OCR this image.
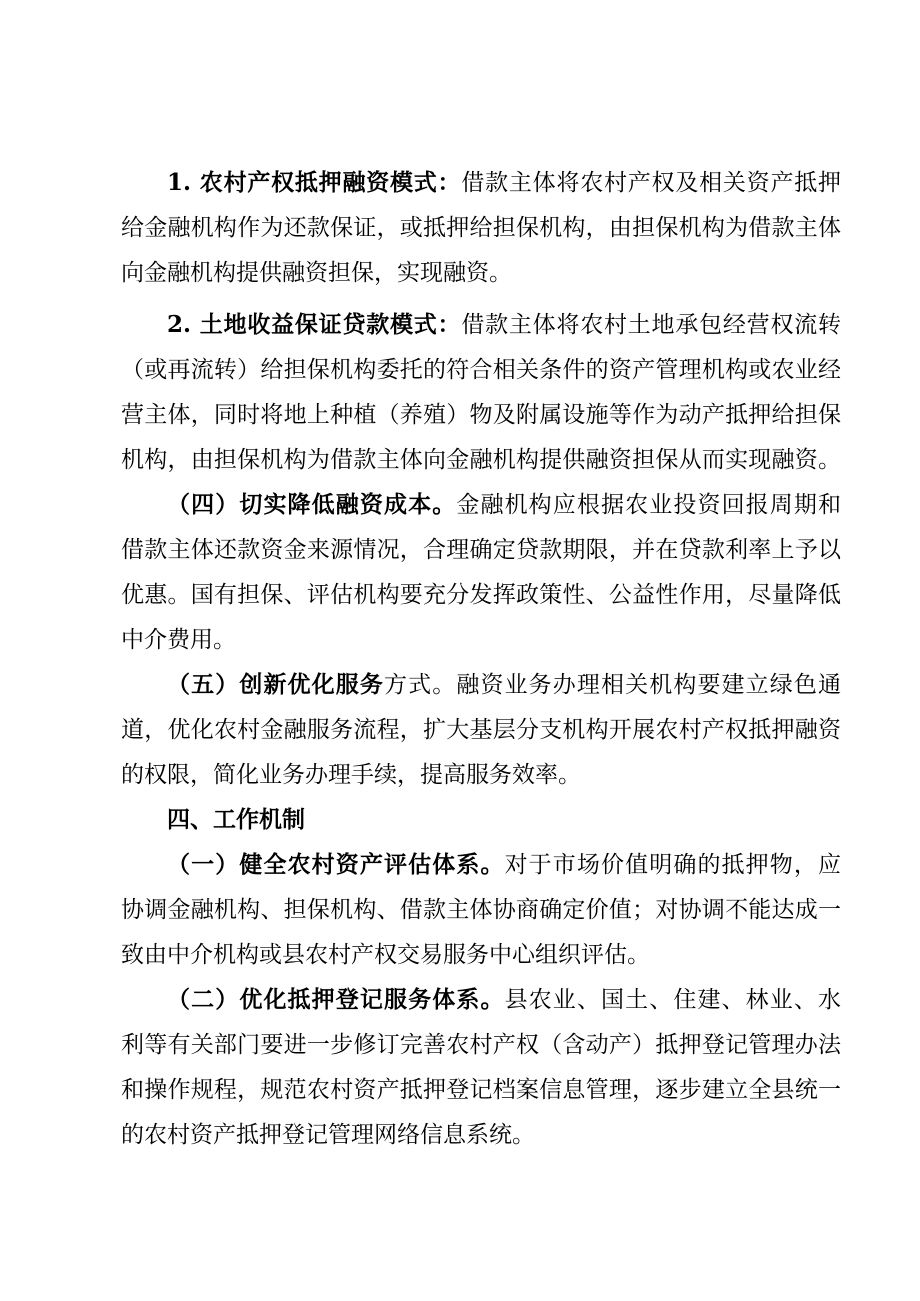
1. 农村产权抵押融资模式：借款主体将农村产权及相关资产抵押
给金融机构作为还款保证，或抵押给担保机构，由担保机构为借款主体
向金融机构提供融资担保，实现融资。
2. 土地收益保证贷款模式：借款主体将农村土地承包经营权流转
（或再流转）给担保机构委托的符合相关条件的资产管理机构或农业经
营主体，同时将地上种植（养殖）物及附属设施等作为动产抵押给担保
机构，由担保机构为借款主体向金融机构提供融资担保从而实现融资。
（四）切实降低融资成本。金融机构应根据农业投资回报周期和
借款主体还款资金来源情况，合理确定贷款期限，并在贷款利率上予以
优惠。国有担保、评估机构要充分发挥政策性、公益性作用，尽量降低
中介费用。
（五）创新优化服务方式。融资业务办理相关机构要建立绿色通
道，优化农村金融服务流程，扩大基层分支机构开展农村产权抵押融资
的权限，简化业务办理手续，提高服务效率。
四、工作机制
（一）健全农村资产评估体系。对于市场价值明确的抵押物，应
协调金融机构、担保机构、借款主体协商确定价值；对协调不能达成一
致由中介机构或县农村产权交易服务中心组织评估。
（二）优化抵押登记服务体系。县农业、国土、住建、林业、水
利等有关部门要进一步修订完善农村产权（含动产）抵押登记管理办法
和操作规程，规范农村资产抵押登记档案信息管理，逐步建立全县统一
的农村资产抵押登记管理网络信息系统。
